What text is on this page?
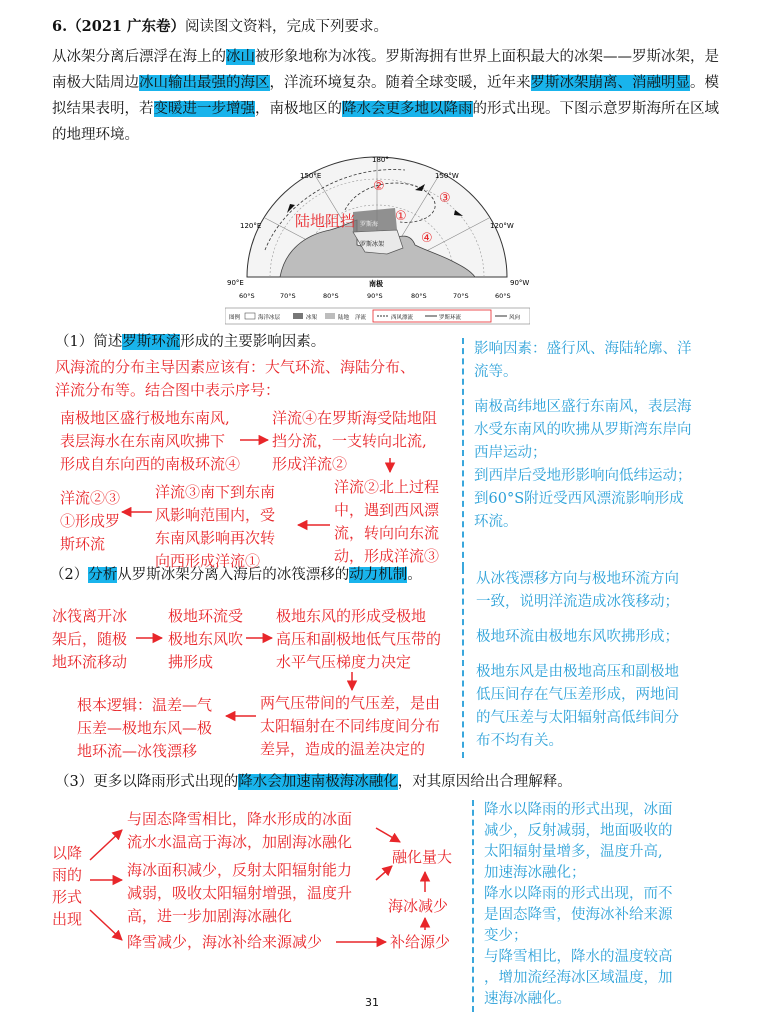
6.（2021 广东卷）阅读图文资料，完成下列要求。
从冰架分离后漂浮在海上的冰山被形象地称为冰筏。罗斯海拥有世界上面积最大的冰架——罗斯冰架，是
南极大陆周边冰山输出最强的海区，洋流环境复杂。随着全球变暖，近年来罗斯冰架崩离、消融明显。模
拟结果表明，若变暖进一步增强，南极地区的降水会更多地以降雨的形式出现。下图示意罗斯海所在区域
的地理环境。
180°
150°E	150°W
120°E	120°W
90°E	90°W
60°S	70°S	80°S	90°S	80°S	70°S	60°S
南极
罗斯海
罗斯冰架
陆地阻挡
②
①
③
④
图例	海洋冰层	冰架	陆地 洋流	西风漂流	罗斯环流	风向
（1）简述罗斯环流形成的主要影响因素。
风海流的分布主导因素应该有：大气环流、海陆分布、
洋流分布等。结合图中表示序号：
南极地区盛行极地东南风,
表层海水在东南风吹拂下
形成自东向西的南极环流④
洋流④在罗斯海受陆地阻
挡分流，一支转向北流,
形成洋流②
洋流②北上过程
中，遇到西风漂
流，转向向东流
动，形成洋流③
洋流③南下到东南
风影响范围内，受
东南风影响再次转
向西形成洋流①
洋流②③
①形成罗
斯环流
影响因素：盛行风、海陆轮廓、洋
流等。
南极高纬地区盛行东南风，表层海
水受东南风的吹拂从罗斯湾东岸向
西岸运动；
到西岸后受地形影响向低纬运动；
到60°S附近受西风漂流影响形成
环流。
（2）分析从罗斯冰架分离入海后的冰筏漂移的动力机制。
冰筏离开冰
架后，随极
地环流移动
极地环流受
极地东风吹
拂形成
极地东风的形成受极地
高压和副极地低气压带的
水平气压梯度力决定
两气压带间的气压差，是由
太阳辐射在不同纬度间分布
差异，造成的温差决定的
根本逻辑：温差—气
压差—极地东风—极
地环流—冰筏漂移
从冰筏漂移方向与极地环流方向
一致，说明洋流造成冰筏移动；
极地环流由极地东风吹拂形成；
极地东风是由极地高压和副极地
低压间存在气压差形成，两地间
的气压差与太阳辐射高低纬间分
布不均有关。
（3）更多以降雨形式出现的降水会加速南极海冰融化，对其原因给出合理解释。
以降
雨的
形式
出现
与固态降雪相比，降水形成的冰面
流水水温高于海冰，加剧海冰融化
海冰面积减少，反射太阳辐射能力
减弱，吸收太阳辐射增强，温度升
高，进一步加剧海冰融化
降雪减少，海冰补给来源减少
融化量大
海冰减少
补给源少
降水以降雨的形式出现，冰面
减少，反射减弱，地面吸收的
太阳辐射量增多，温度升高,
加速海冰融化；
降水以降雨的形式出现，而不
是固态降雪，使海冰补给来源
变少；
与降雪相比，降水的温度较高
，增加流经海冰区域温度，加
速海冰融化。
31
